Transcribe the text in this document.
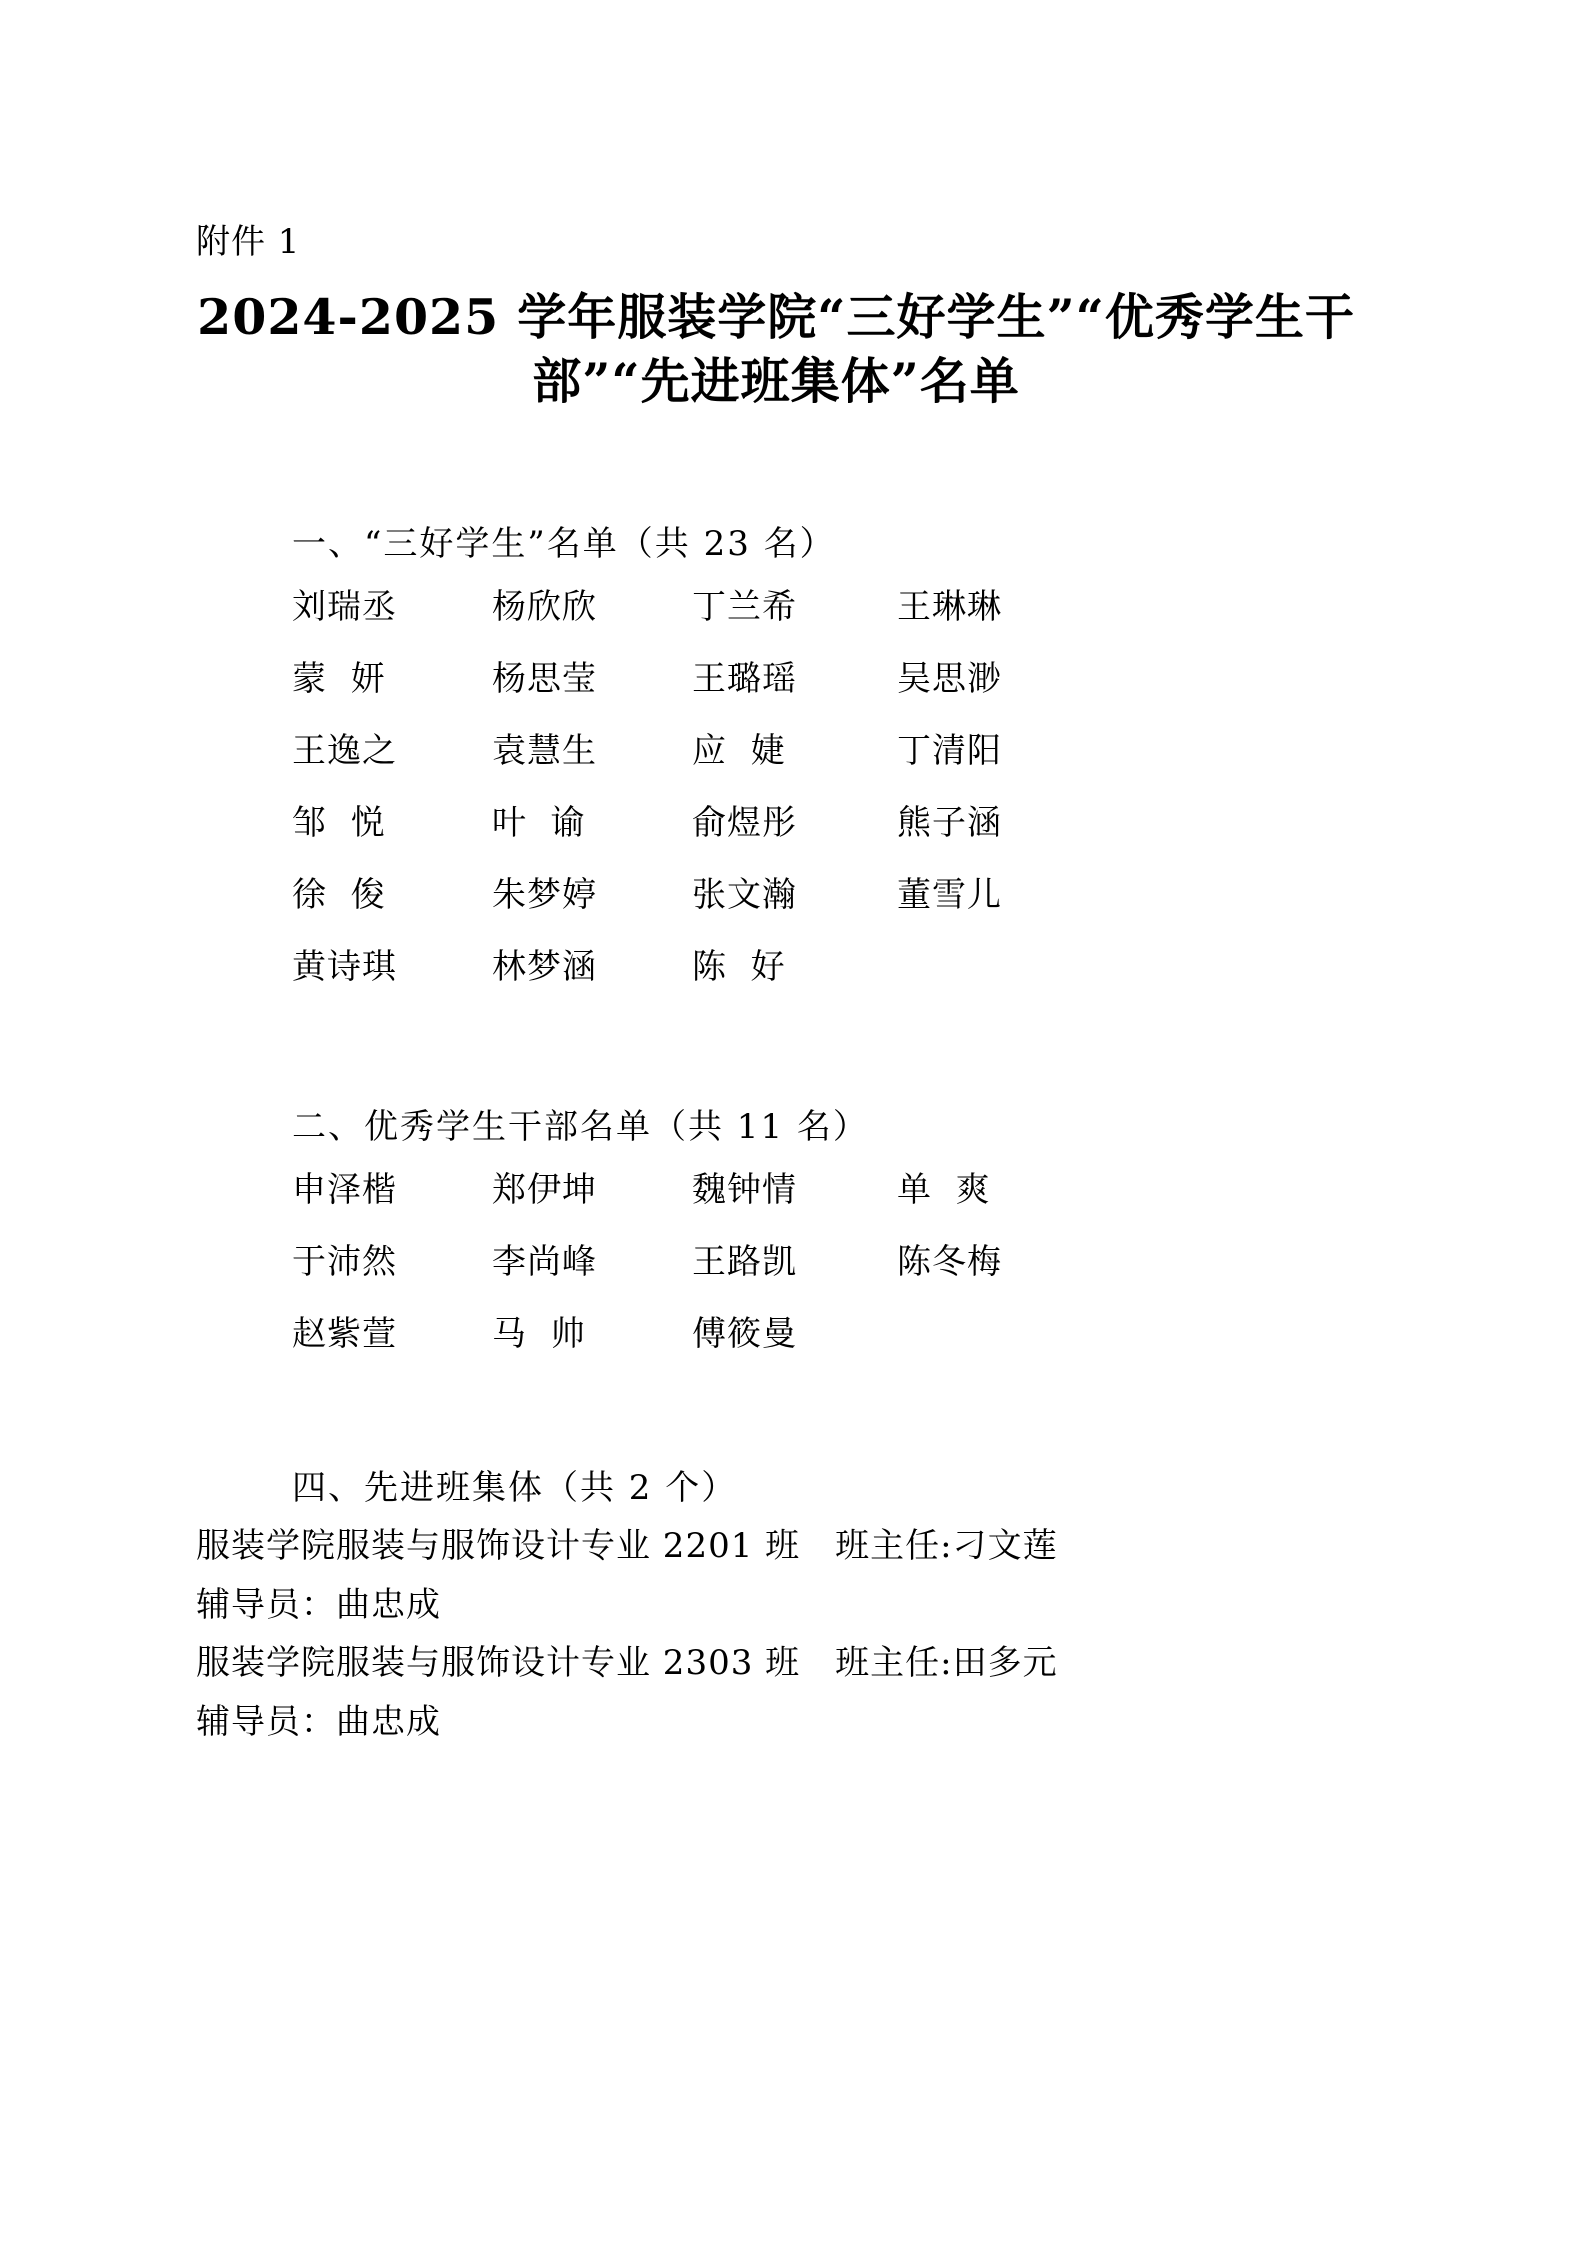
附件 1
2024-2025 学年服装学院“三好学生”“优秀学生干部”“先进班集体”名单
一、“三好学生”名单（共 23 名）
刘瑞丞	杨欣欣	丁兰希	王琳琳
蒙  妍	杨思莹	王璐瑶	吴思渺
王逸之	袁慧生	应  婕	丁清阳
邹  悦	叶  谕	俞煜彤	熊子涵
徐  俊	朱梦婷	张文瀚	董雪儿
黄诗琪	林梦涵	陈  好
二、优秀学生干部名单（共 11 名）
申泽楷	郑伊坤	魏钟情	单  爽
于沛然	李尚峰	王路凯	陈冬梅
赵紫萱	马  帅	傅筱曼
四、先进班集体（共 2 个）
服装学院服装与服饰设计专业 2201 班　班主任:刁文莲
辅导员：曲忠成
服装学院服装与服饰设计专业 2303 班　班主任:田多元
辅导员：曲忠成
